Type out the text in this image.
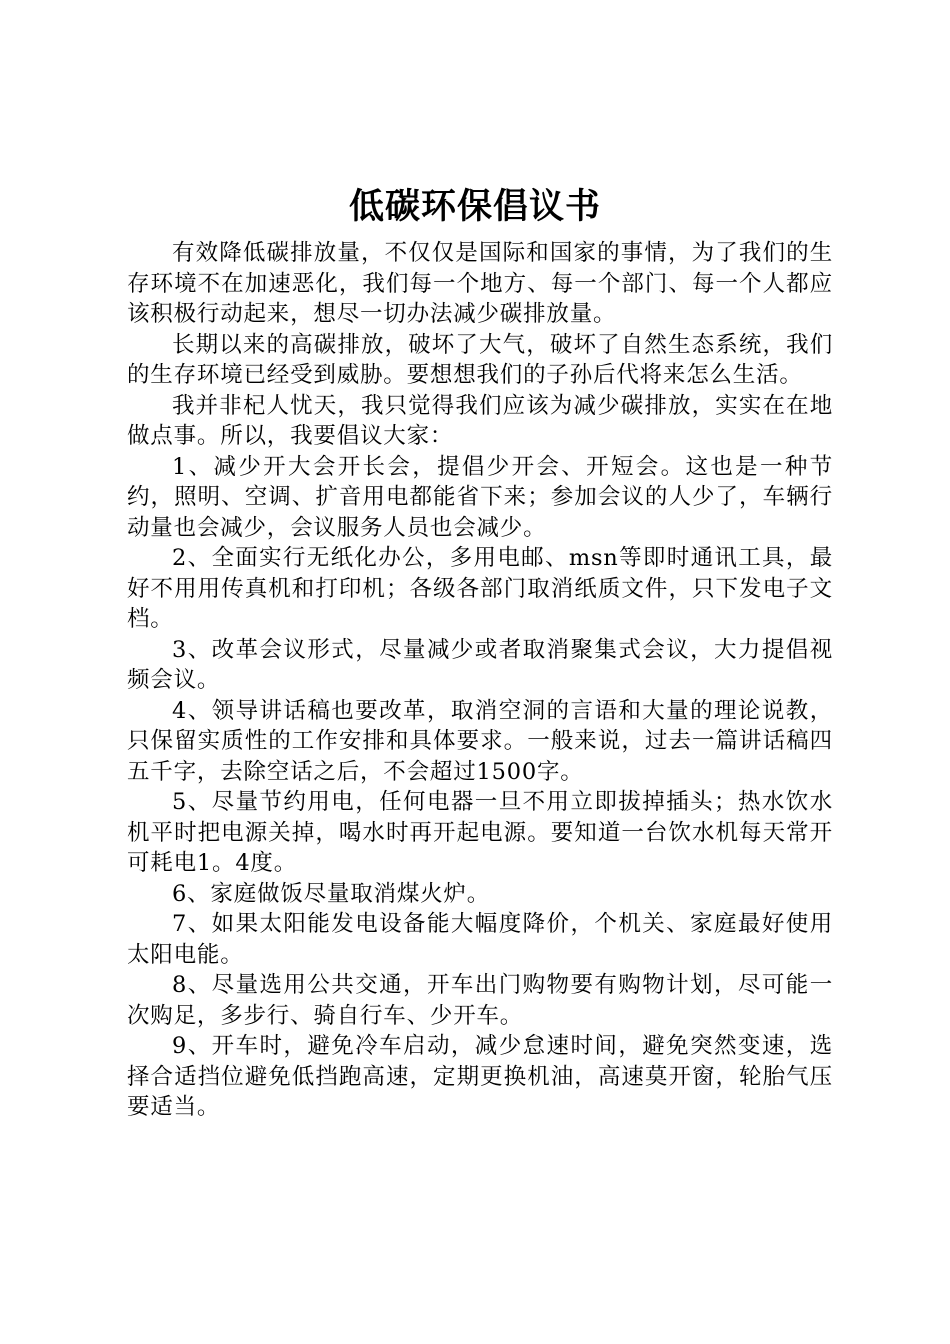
低碳环保倡议书

有效降低碳排放量，不仅仅是国际和国家的事情，为了我们的生存环境不在加速恶化，我们每一个地方、每一个部门、每一个人都应该积极行动起来，想尽一切办法减少碳排放量。

长期以来的高碳排放，破坏了大气，破坏了自然生态系统，我们的生存环境已经受到威胁。要想想我们的子孙后代将来怎么生活。

我并非杞人忧天，我只觉得我们应该为减少碳排放，实实在在地做点事。所以，我要倡议大家：

1、减少开大会开长会，提倡少开会、开短会。这也是一种节约，照明、空调、扩音用电都能省下来；参加会议的人少了，车辆行动量也会减少，会议服务人员也会减少。

2、全面实行无纸化办公，多用电邮、msn等即时通讯工具，最好不用用传真机和打印机；各级各部门取消纸质文件，只下发电子文档。

3、改革会议形式，尽量减少或者取消聚集式会议，大力提倡视频会议。

4、领导讲话稿也要改革，取消空洞的言语和大量的理论说教，只保留实质性的工作安排和具体要求。一般来说，过去一篇讲话稿四五千字，去除空话之后，不会超过1500字。

5、尽量节约用电，任何电器一旦不用立即拔掉插头；热水饮水机平时把电源关掉，喝水时再开起电源。要知道一台饮水机每天常开可耗电1。4度。

6、家庭做饭尽量取消煤火炉。

7、如果太阳能发电设备能大幅度降价，个机关、家庭最好使用太阳电能。

8、尽量选用公共交通，开车出门购物要有购物计划，尽可能一次购足，多步行、骑自行车、少开车。

9、开车时，避免冷车启动，减少怠速时间，避免突然变速，选择合适挡位避免低挡跑高速，定期更换机油，高速莫开窗，轮胎气压要适当。
